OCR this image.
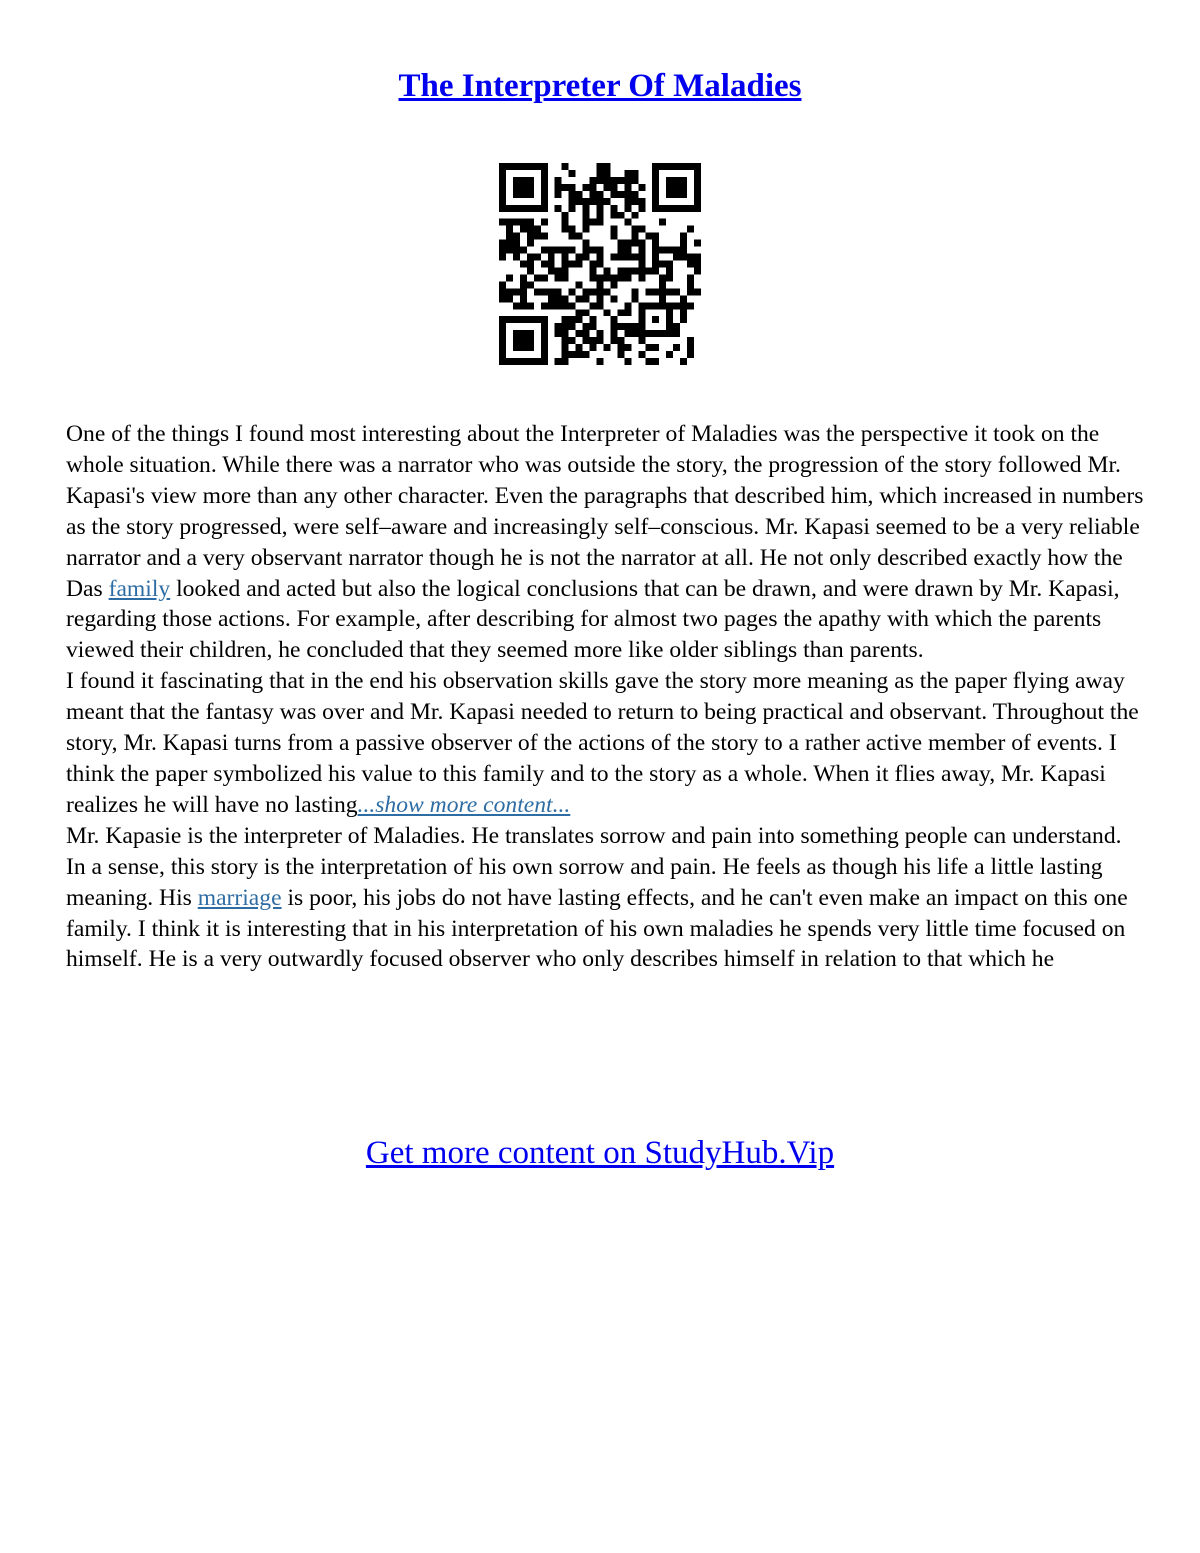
The Interpreter Of Maladies

One of the things I found most interesting about the Interpreter of Maladies was the perspective it took on the whole situation. While there was a narrator who was outside the story, the progression of the story followed Mr. Kapasi's view more than any other character. Even the paragraphs that described him, which increased in numbers as the story progressed, were self–aware and increasingly self–conscious. Mr. Kapasi seemed to be a very reliable narrator and a very observant narrator though he is not the narrator at all. He not only described exactly how the Das family looked and acted but also the logical conclusions that can be drawn, and were drawn by Mr. Kapasi, regarding those actions. For example, after describing for almost two pages the apathy with which the parents viewed their children, he concluded that they seemed more like older siblings than parents.

I found it fascinating that in the end his observation skills gave the story more meaning as the paper flying away meant that the fantasy was over and Mr. Kapasi needed to return to being practical and observant. Throughout the story, Mr. Kapasi turns from a passive observer of the actions of the story to a rather active member of events. I think the paper symbolized his value to this family and to the story as a whole. When it flies away, Mr. Kapasi realizes he will have no lasting...show more content...

Mr. Kapasie is the interpreter of Maladies. He translates sorrow and pain into something people can understand. In a sense, this story is the interpretation of his own sorrow and pain. He feels as though his life a little lasting meaning. His marriage is poor, his jobs do not have lasting effects, and he can't even make an impact on this one family. I think it is interesting that in his interpretation of his own maladies he spends very little time focused on himself. He is a very outwardly focused observer who only describes himself in relation to that which he

Get more content on StudyHub.Vip
